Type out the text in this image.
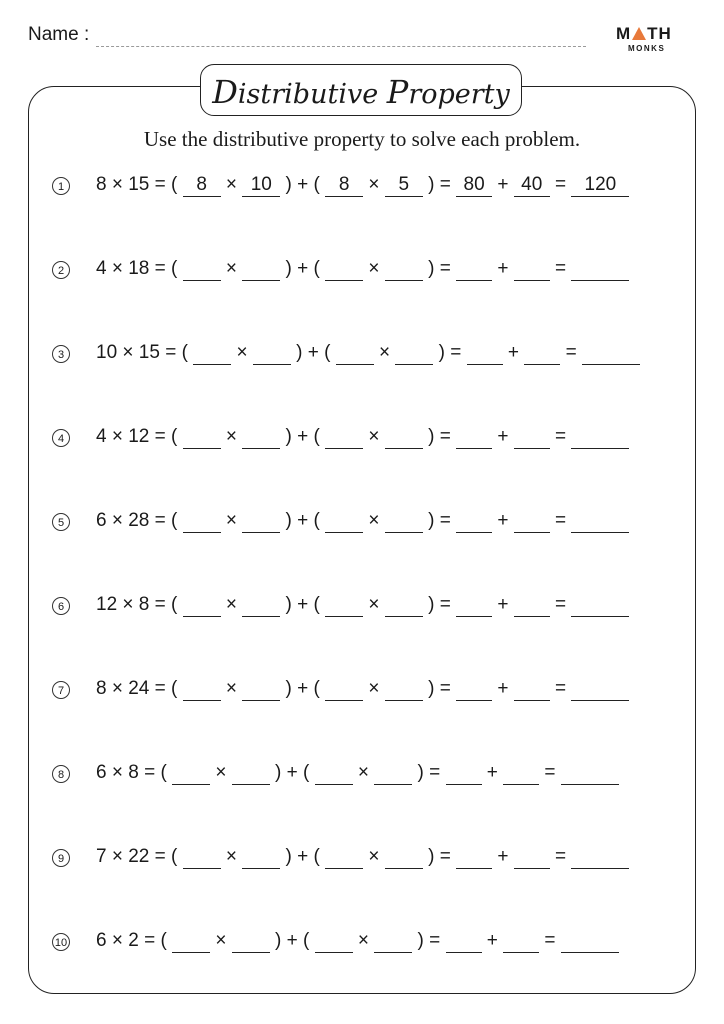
Name :	M TH
MONKS
Distributive Property
Use the distributive property to solve each problem.
1	8 × 15 = ( 8 × 10 ) + ( 8 × 5 ) = 80 + 40 = 120
2	4 × 18 = (  ×  ) + (  ×  ) =  +  =
3	10 × 15 = (  ×  ) + (  ×  ) =  +  =
4	4 × 12 = (  ×  ) + (  ×  ) =  +  =
5	6 × 28 = (  ×  ) + (  ×  ) =  +  =
6	12 × 8 = (  ×  ) + (  ×  ) =  +  =
7	8 × 24 = (  ×  ) + (  ×  ) =  +  =
8	6 × 8 = (  ×  ) + (  ×  ) =  +  =
9	7 × 22 = (  ×  ) + (  ×  ) =  +  =
10 6 × 2 = (  ×  ) + (  ×  ) =  +  =
